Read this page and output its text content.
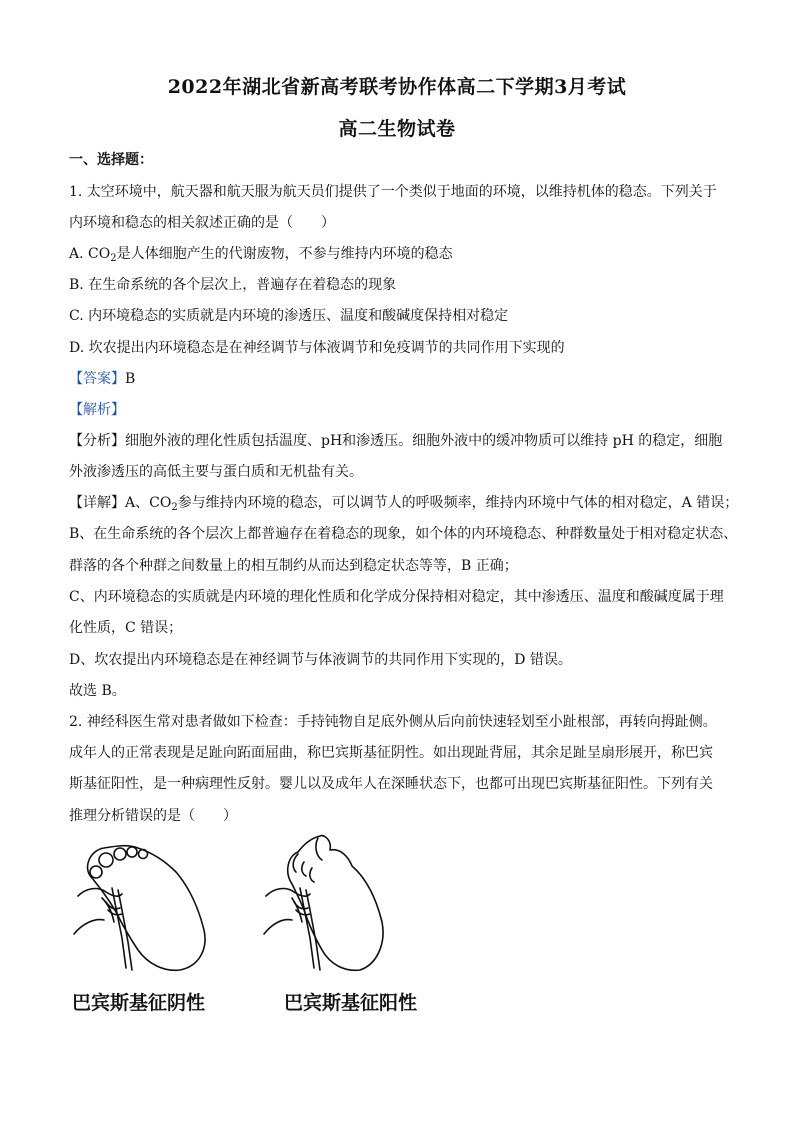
2022年湖北省新高考联考协作体高二下学期3月考试
高二生物试卷
一、选择题：
1. 太空环境中，航天器和航天服为航天员们提供了一个类似于地面的环境，以维持机体的稳态。下列关于
内环境和稳态的相关叙述正确的是（　　）
A. $CO_2$是人体细胞产生的代谢废物，不参与维持内环境的稳态
B. 在生命系统的各个层次上，普遍存在着稳态的现象
C. 内环境稳态的实质就是内环境的渗透压、温度和酸碱度保持相对稳定
D. 坎农提出内环境稳态是在神经调节与体液调节和免疫调节的共同作用下实现的
【答案】B
【解析】
【分析】细胞外液的理化性质包括温度、pH和渗透压。细胞外液中的缓冲物质可以维持 pH 的稳定，细胞
外液渗透压的高低主要与蛋白质和无机盐有关。
【详解】A、$CO_2$参与维持内环境的稳态，可以调节人的呼吸频率，维持内环境中气体的相对稳定，A 错误；
B、在生命系统的各个层次上都普遍存在着稳态的现象，如个体的内环境稳态、种群数量处于相对稳定状态、
群落的各个种群之间数量上的相互制约从而达到稳定状态等等，B 正确；
C、内环境稳态的实质就是内环境的理化性质和化学成分保持相对稳定，其中渗透压、温度和酸碱度属于理
化性质，C 错误；
D、坎农提出内环境稳态是在神经调节与体液调节的共同作用下实现的，D 错误。
故选 B。
2. 神经科医生常对患者做如下检查：手持钝物自足底外侧从后向前快速轻划至小趾根部，再转向拇趾侧。
成年人的正常表现是足趾向跖面屈曲，称巴宾斯基征阴性。如出现趾背屈，其余足趾呈扇形展开，称巴宾
斯基征阳性，是一种病理性反射。婴儿以及成年人在深睡状态下，也都可出现巴宾斯基征阳性。下列有关
推理分析错误的是（　　）
巴宾斯基征阴性	巴宾斯基征阳性
